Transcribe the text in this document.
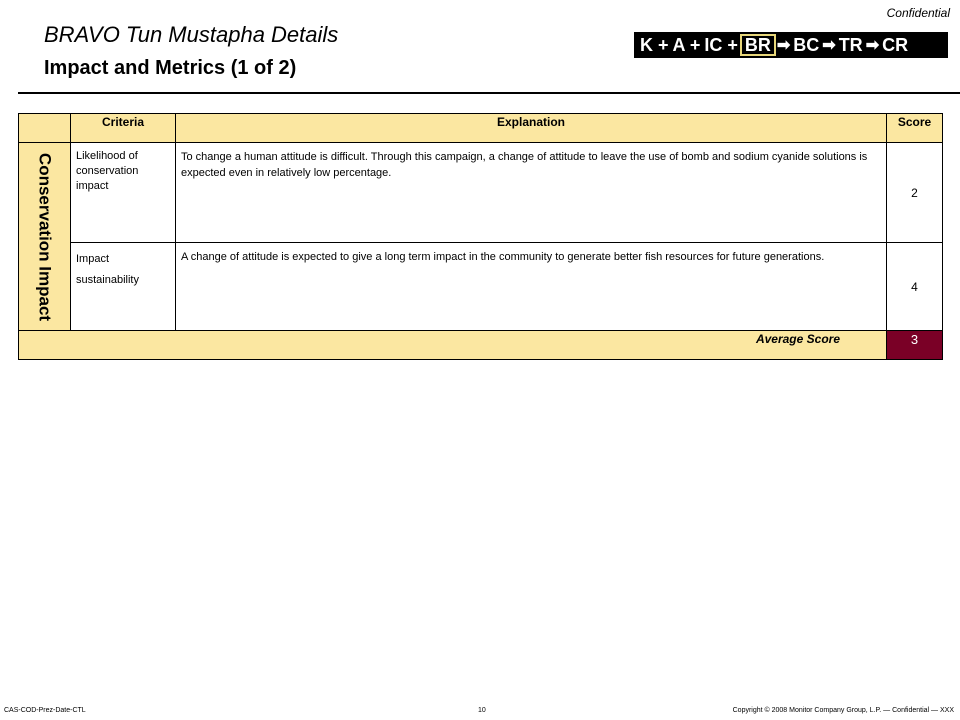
Confidential
K + A + IC + BR ➡ BC ➡ TR ➡ CR
BRAVO Tun Mustapha Details
Impact and Metrics (1 of 2)
	Criteria	Explanation	Score

Conservation Impact	Likelihood of conservation impact	To change a human attitude is difficult. Through this campaign, a change of attitude to leave the use of bomb and sodium cyanide solutions is expected even in relatively low percentage.	2
	Impact sustainability	A change of attitude is expected to give a long term impact in the community to generate better fish resources for future generations.	4
Average Score			3
CAS-COD-Prez-Date-CTL	10	Copyright © 2008 Monitor Company Group, L.P. — Confidential — XXX
